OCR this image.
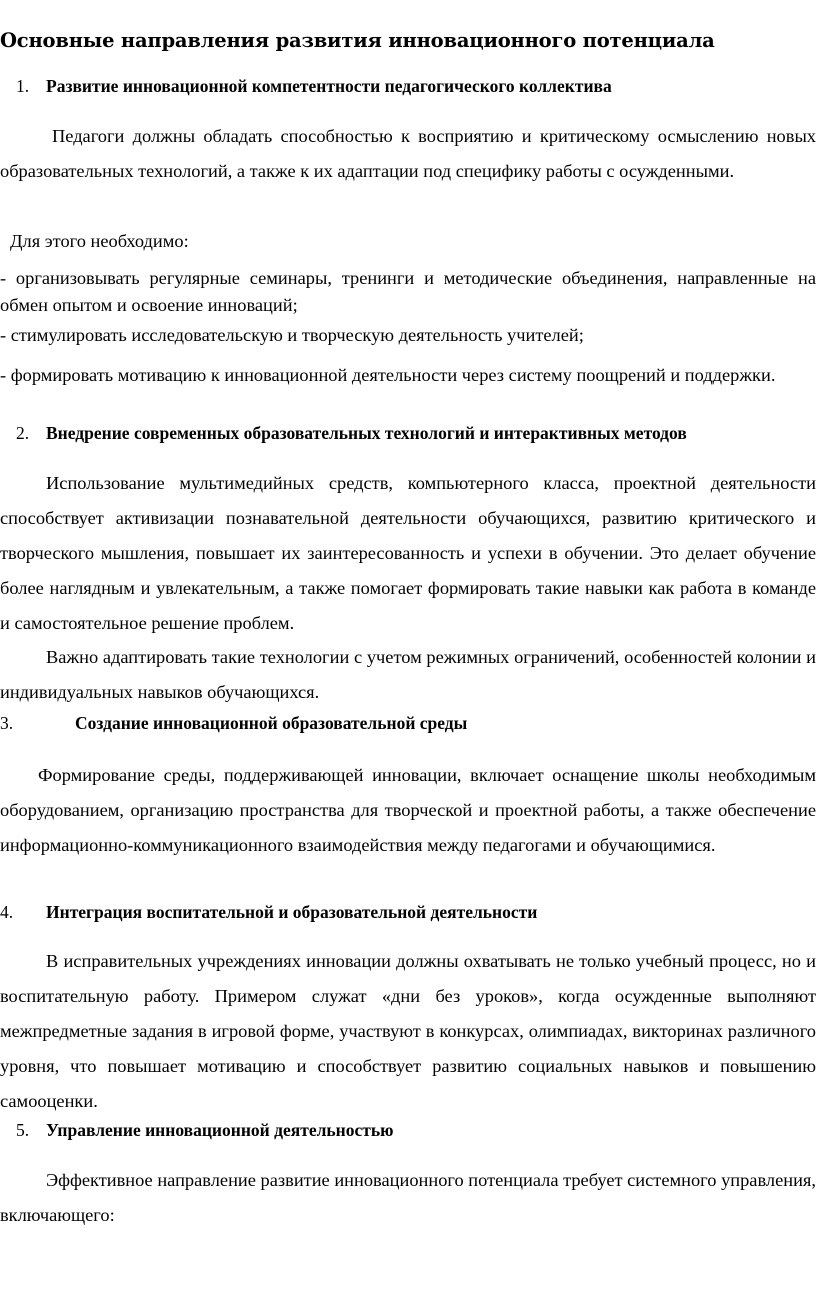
Основные направления развития инновационного потенциала
1. Развитие инновационной компетентности педагогического коллектива
Педагоги должны обладать способностью к восприятию и критическому осмыслению новых образовательных технологий, а также к их адаптации под специфику работы с осужденными.
Для этого необходимо:
- организовывать регулярные семинары, тренинги и методические объединения, направленные на обмен опытом и освоение инноваций;
- стимулировать исследовательскую и творческую деятельность учителей;
- формировать мотивацию к инновационной деятельности через систему поощрений и поддержки.
2. Внедрение современных образовательных технологий и интерактивных методов
Использование мультимедийных средств, компьютерного класса, проектной деятельности способствует активизации познавательной деятельности обучающихся, развитию критического и творческого мышления, повышает их заинтересованность и успехи в обучении. Это делает обучение более наглядным и увлекательным, а также помогает формировать такие навыки как работа в команде и самостоятельное решение проблем.
Важно адаптировать такие технологии с учетом режимных ограничений, особенностей колонии и индивидуальных навыков обучающихся.
3.	Создание инновационной образовательной среды
Формирование среды, поддерживающей инновации, включает оснащение школы необходимым оборудованием, организацию пространства для творческой и проектной работы, а также обеспечение информационно-коммуникационного взаимодействия между педагогами и обучающимися.
4. Интеграция воспитательной и образовательной деятельности
В исправительных учреждениях инновации должны охватывать не только учебный процесс, но и воспитательную работу. Примером служат «дни без уроков», когда осужденные выполняют межпредметные задания в игровой форме, участвуют в конкурсах, олимпиадах, викторинах различного уровня, что повышает мотивацию и способствует развитию социальных навыков и повышению самооценки.
5. Управление инновационной деятельностью
Эффективное направление развитие инновационного потенциала требует системного управления, включающего:
